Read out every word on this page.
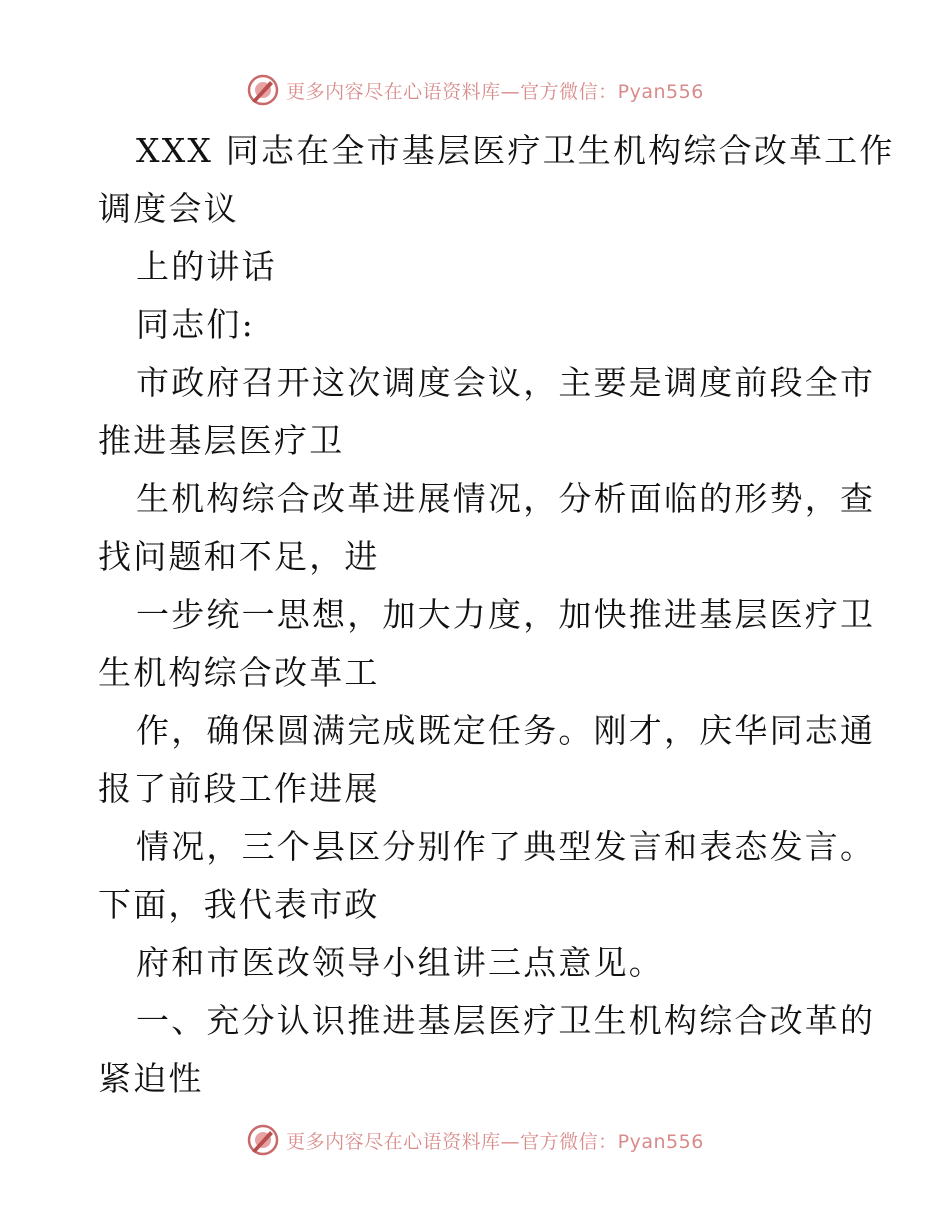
更多内容尽在心语资料库—官方微信：Pyan556
XXX 同志在全市基层医疗卫生机构综合改革工作
调度会议
上的讲话
同志们:
市政府召开这次调度会议，主要是调度前段全市
推进基层医疗卫
生机构综合改革进展情况，分析面临的形势，查
找问题和不足，进
一步统一思想，加大力度，加快推进基层医疗卫
生机构综合改革工
作，确保圆满完成既定任务。刚才，庆华同志通
报了前段工作进展
情况，三个县区分别作了典型发言和表态发言。
下面，我代表市政
府和市医改领导小组讲三点意见。
一、充分认识推进基层医疗卫生机构综合改革的
紧迫性
更多内容尽在心语资料库—官方微信：Pyan556
